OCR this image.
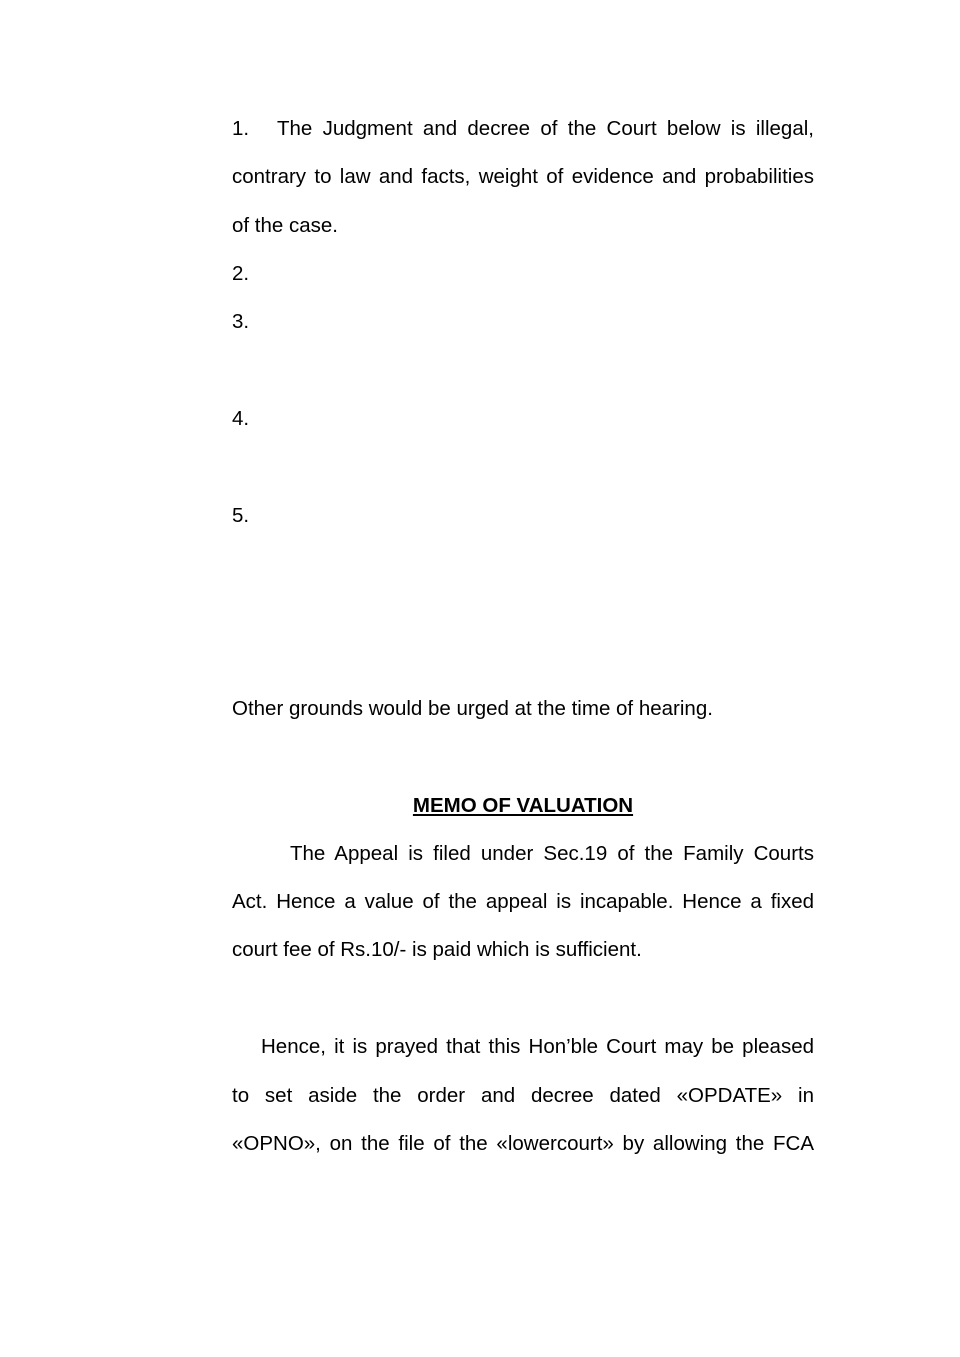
1. The Judgment and decree of the Court below is illegal,
contrary to law and facts, weight of evidence and probabilities
of the case.
2.
3.
4.
5.
Other grounds would be urged at the time of hearing.
MEMO OF VALUATION
The Appeal is filed under Sec.19 of the Family Courts
Act. Hence a value of the appeal is incapable. Hence a fixed
court fee of Rs.10/- is paid which is sufficient.
Hence, it is prayed that this Hon’ble Court may be pleased
to set aside the order and decree dated «OPDATE» in
«OPNO», on the file of the «lowercourt» by allowing the FCA
